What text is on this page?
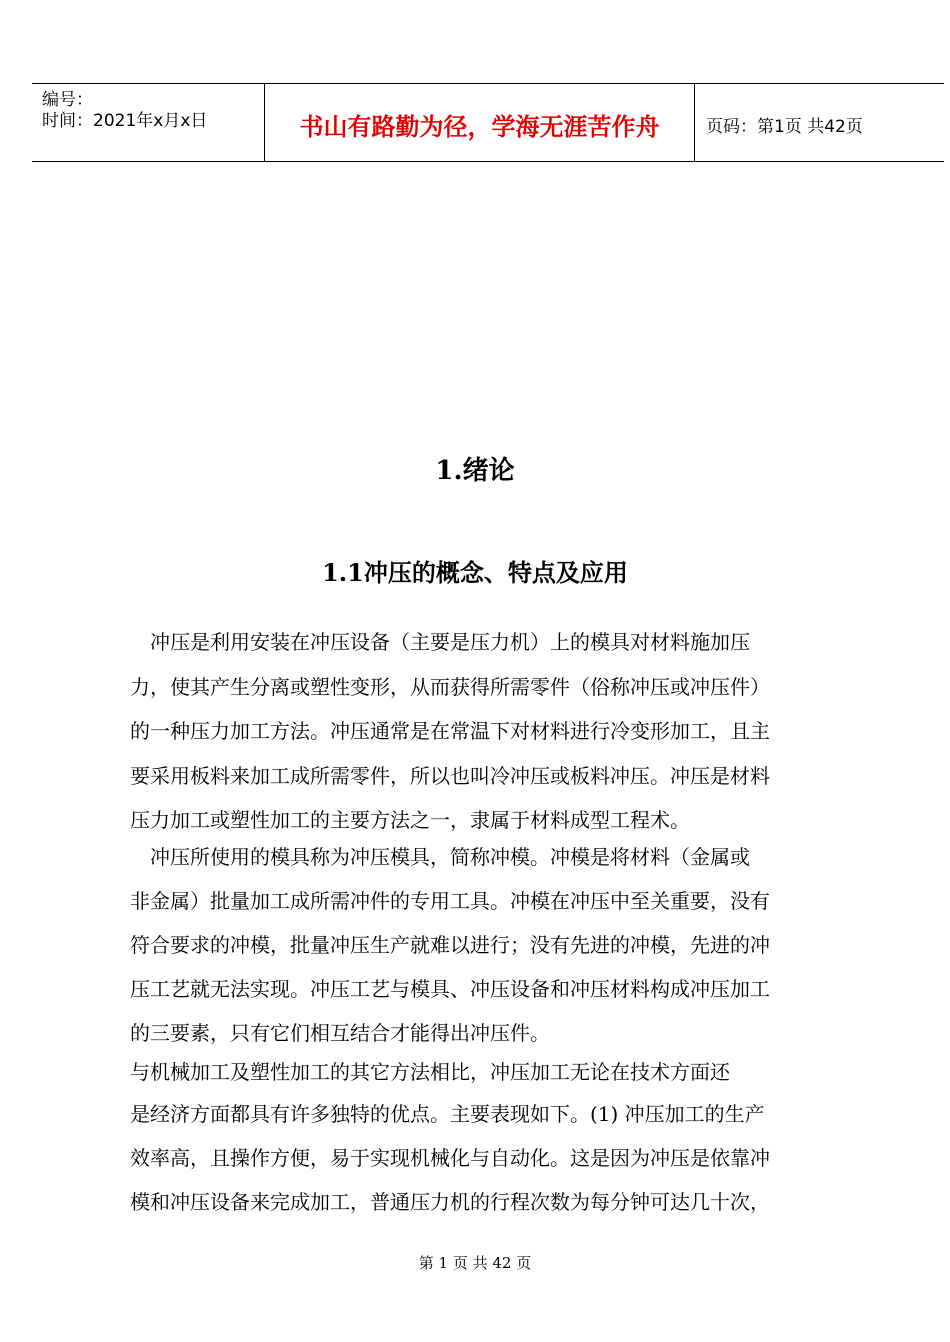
编号：
时间：2021年x月x日	书山有路勤为径，学海无涯苦作舟	页码：第1页 共42页
1.绪论
1.1冲压的概念、特点及应用
　冲压是利用安装在冲压设备（主要是压力机）上的模具对材料施加压
力，使其产生分离或塑性变形，从而获得所需零件（俗称冲压或冲压件）
的一种压力加工方法。冲压通常是在常温下对材料进行冷变形加工，且主
要采用板料来加工成所需零件，所以也叫冷冲压或板料冲压。冲压是材料
压力加工或塑性加工的主要方法之一，隶属于材料成型工程术。
　冲压所使用的模具称为冲压模具，简称冲模。冲模是将材料（金属或
非金属）批量加工成所需冲件的专用工具。冲模在冲压中至关重要，没有
符合要求的冲模，批量冲压生产就难以进行；没有先进的冲模，先进的冲
压工艺就无法实现。冲压工艺与模具、冲压设备和冲压材料构成冲压加工
的三要素，只有它们相互结合才能得出冲压件。
与机械加工及塑性加工的其它方法相比，冲压加工无论在技术方面还
是经济方面都具有许多独特的优点。主要表现如下。(1) 冲压加工的生产
效率高，且操作方便，易于实现机械化与自动化。这是因为冲压是依靠冲
模和冲压设备来完成加工，普通压力机的行程次数为每分钟可达几十次，
第 1 页 共 42 页
